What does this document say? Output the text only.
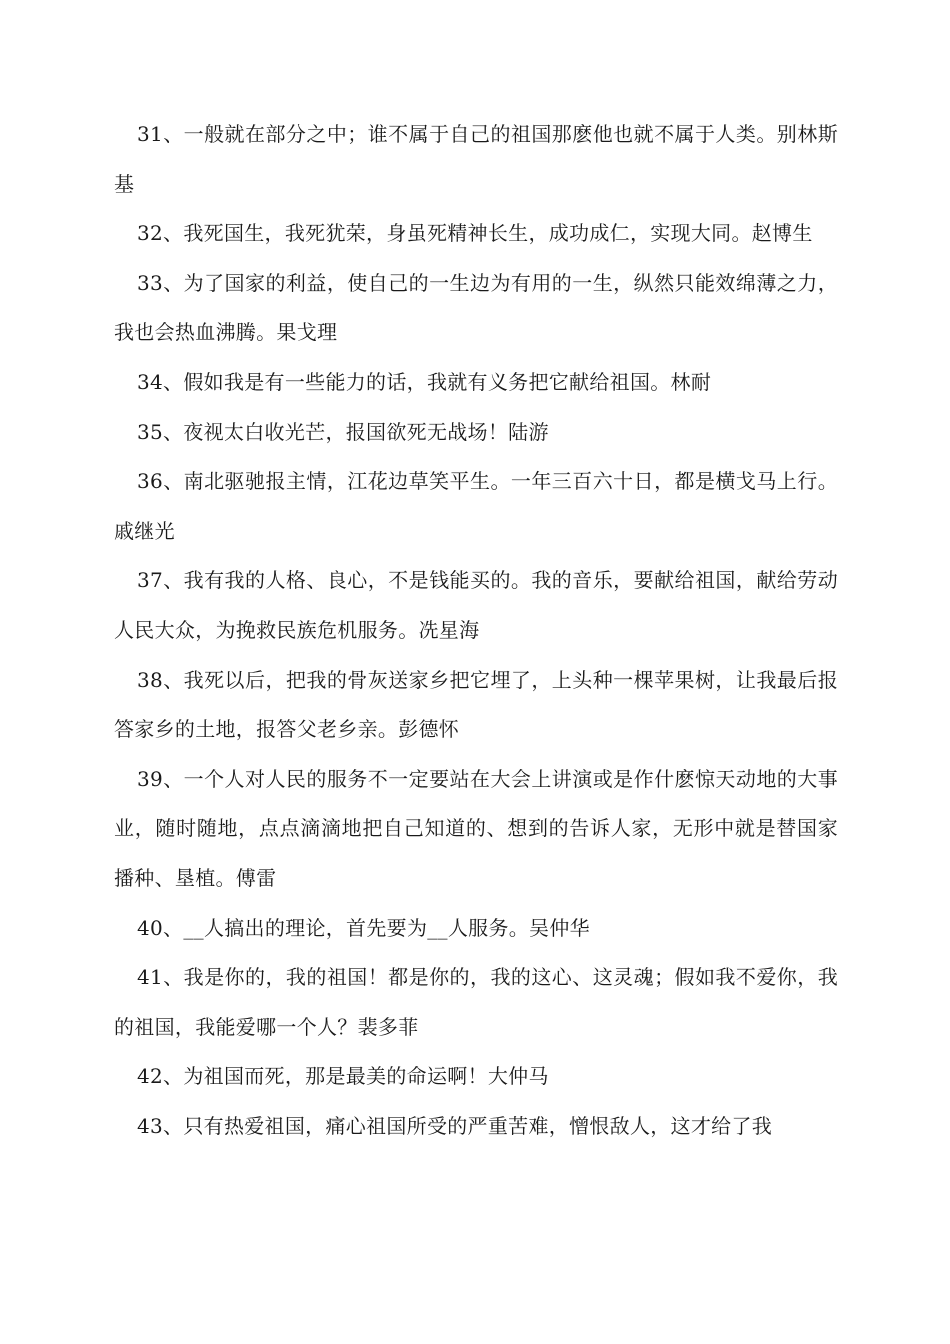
31、一般就在部分之中；谁不属于自己的祖国那麽他也就不属于人类。别林斯基

32、我死国生，我死犹荣，身虽死精神长生，成功成仁，实现大同。赵博生

33、为了国家的利益，使自己的一生边为有用的一生，纵然只能效绵薄之力，我也会热血沸腾。果戈理

34、假如我是有一些能力的话，我就有义务把它献给祖国。林耐

35、夜视太白收光芒，报国欲死无战场！陆游

36、南北驱驰报主情，江花边草笑平生。一年三百六十日，都是横戈马上行。戚继光

37、我有我的人格、良心，不是钱能买的。我的音乐，要献给祖国，献给劳动人民大众，为挽救民族危机服务。冼星海

38、我死以后，把我的骨灰送家乡把它埋了，上头种一棵苹果树，让我最后报答家乡的土地，报答父老乡亲。彭德怀

39、一个人对人民的服务不一定要站在大会上讲演或是作什麽惊天动地的大事业，随时随地，点点滴滴地把自己知道的、想到的告诉人家，无形中就是替国家播种、垦植。傅雷

40、__人搞出的理论，首先要为__人服务。吴仲华

41、我是你的，我的祖国！都是你的，我的这心、这灵魂；假如我不爱你，我的祖国，我能爱哪一个人？裴多菲

42、为祖国而死，那是最美的命运啊！大仲马

43、只有热爱祖国，痛心祖国所受的严重苦难，憎恨敌人，这才给了我
